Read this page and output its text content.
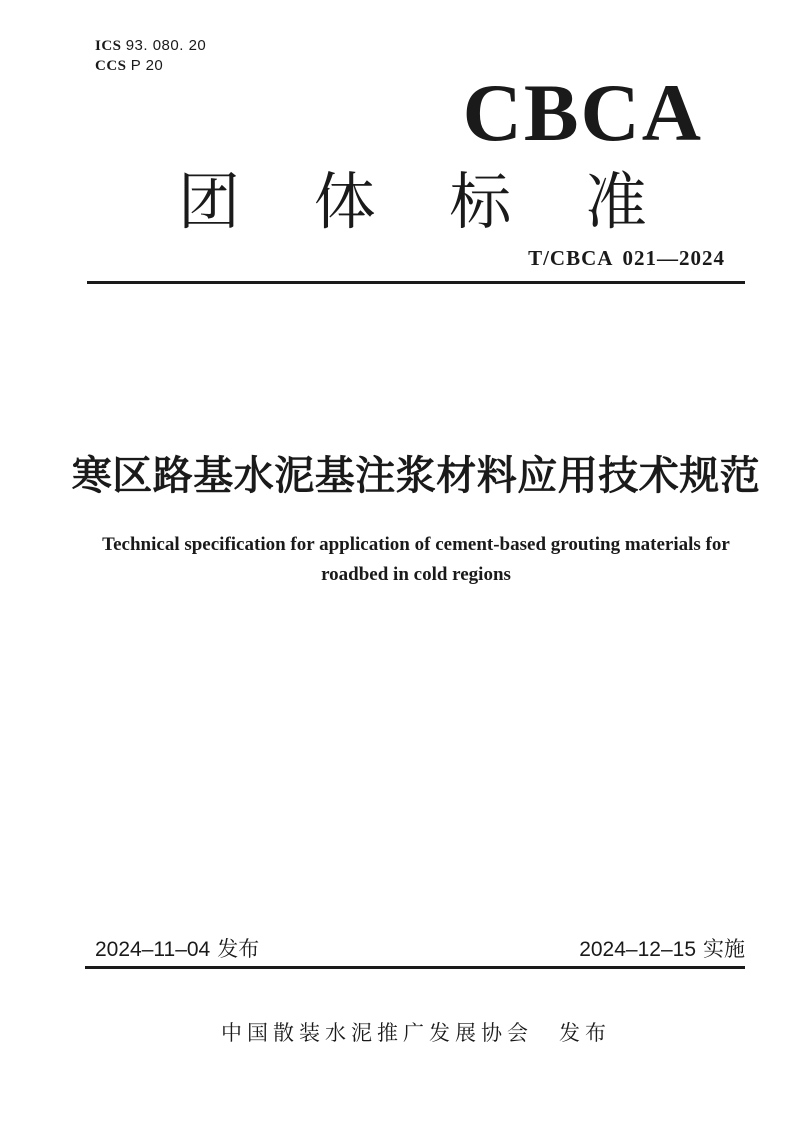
ICS 93. 080. 20
CCS P 20
CBCA
团 体 标 准
T/CBCA 021—2024
寒区路基水泥基注浆材料应用技术规范
Technical specification for application of cement-based grouting materials for
roadbed in cold regions
2024–11–04 发布	2024–12–15 实施
中国散装水泥推广发展协会 发布
